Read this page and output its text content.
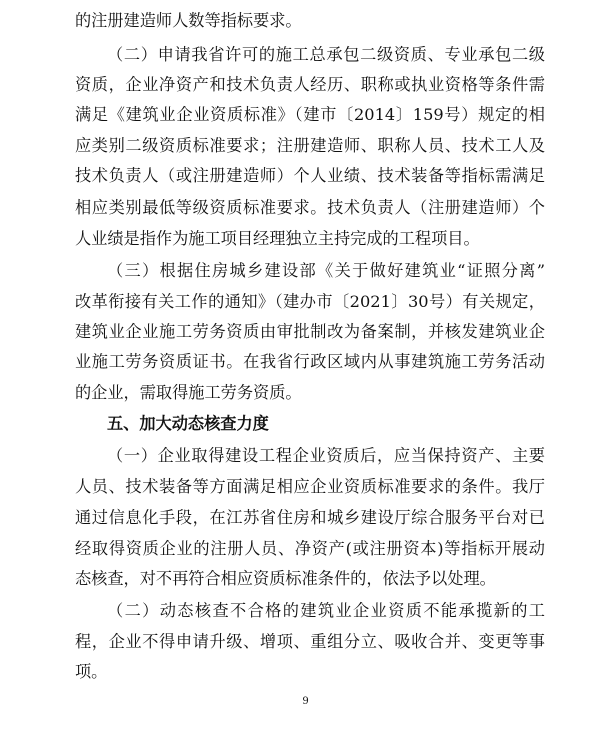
的注册建造师人数等指标要求。
（二）申请我省许可的施工总承包二级资质、专业承包二级
资质，企业净资产和技术负责人经历、职称或执业资格等条件需
满足《建筑业企业资质标准》（建市〔2014〕159号）规定的相
应类别二级资质标准要求；注册建造师、职称人员、技术工人及
技术负责人（或注册建造师）个人业绩、技术装备等指标需满足
相应类别最低等级资质标准要求。技术负责人（注册建造师）个
人业绩是指作为施工项目经理独立主持完成的工程项目。
（三）根据住房城乡建设部《关于做好建筑业“证照分离”
改革衔接有关工作的通知》（建办市〔2021〕30号）有关规定，
建筑业企业施工劳务资质由审批制改为备案制，并核发建筑业企
业施工劳务资质证书。在我省行政区域内从事建筑施工劳务活动
的企业，需取得施工劳务资质。
五、加大动态核查力度
（一）企业取得建设工程企业资质后，应当保持资产、主要
人员、技术装备等方面满足相应企业资质标准要求的条件。我厅
通过信息化手段，在江苏省住房和城乡建设厅综合服务平台对已
经取得资质企业的注册人员、净资产(或注册资本)等指标开展动
态核查，对不再符合相应资质标准条件的，依法予以处理。
（二）动态核查不合格的建筑业企业资质不能承揽新的工
程，企业不得申请升级、增项、重组分立、吸收合并、变更等事
项。
9
